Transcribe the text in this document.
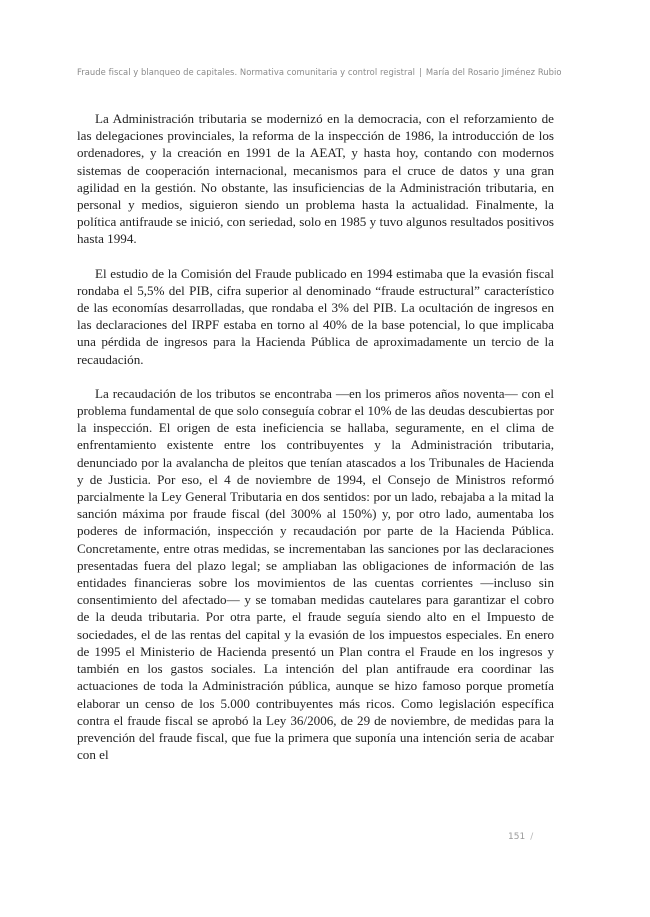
Fraude fiscal y blanqueo de capitales. Normativa comunitaria y control registral | María del Rosario Jiménez Rubio

La Administración tributaria se modernizó en la democracia, con el reforzamiento de las delegaciones provinciales, la reforma de la inspección de 1986, la introducción de los ordenadores, y la creación en 1991 de la AEAT, y hasta hoy, contando con modernos sistemas de cooperación internacional, mecanismos para el cruce de datos y una gran agilidad en la gestión. No obstante, las insuficiencias de la Administración tributaria, en personal y medios, siguieron siendo un problema hasta la actualidad. Finalmente, la política antifraude se inició, con seriedad, solo en 1985 y tuvo algunos resultados positivos hasta 1994.

El estudio de la Comisión del Fraude publicado en 1994 estimaba que la evasión fiscal rondaba el 5,5% del PIB, cifra superior al denominado “fraude estructural” característico de las economías desarrolladas, que rondaba el 3% del PIB. La ocultación de ingresos en las declaraciones del IRPF estaba en torno al 40% de la base potencial, lo que implicaba una pérdida de ingresos para la Hacienda Pública de aproximadamente un tercio de la recaudación.

La recaudación de los tributos se encontraba —en los primeros años noventa— con el problema fundamental de que solo conseguía cobrar el 10% de las deudas descubiertas por la inspección. El origen de esta ineficiencia se hallaba, seguramente, en el clima de enfrentamiento existente entre los contribuyentes y la Administración tributaria, denunciado por la avalancha de pleitos que tenían atascados a los Tribunales de Hacienda y de Justicia. Por eso, el 4 de noviembre de 1994, el Consejo de Ministros reformó parcialmente la Ley General Tributaria en dos sentidos: por un lado, rebajaba a la mitad la sanción máxima por fraude fiscal (del 300% al 150%) y, por otro lado, aumentaba los poderes de información, inspección y recaudación por parte de la Hacienda Pública. Concretamente, entre otras medidas, se incrementaban las sanciones por las declaraciones presentadas fuera del plazo legal; se ampliaban las obligaciones de información de las entidades financieras sobre los movimientos de las cuentas corrientes —incluso sin consentimiento del afectado— y se tomaban medidas cautelares para garantizar el cobro de la deuda tributaria. Por otra parte, el fraude seguía siendo alto en el Impuesto de sociedades, el de las rentas del capital y la evasión de los impuestos especiales. En enero de 1995 el Ministerio de Hacienda presentó un Plan contra el Fraude en los ingresos y también en los gastos sociales. La intención del plan antifraude era coordinar las actuaciones de toda la Administración pública, aunque se hizo famoso porque prometía elaborar un censo de los 5.000 contribuyentes más ricos. Como legislación específica contra el fraude fiscal se aprobó la Ley 36/2006, de 29 de noviembre, de medidas para la prevención del fraude fiscal, que fue la primera que suponía una intención seria de acabar con el

151 /
